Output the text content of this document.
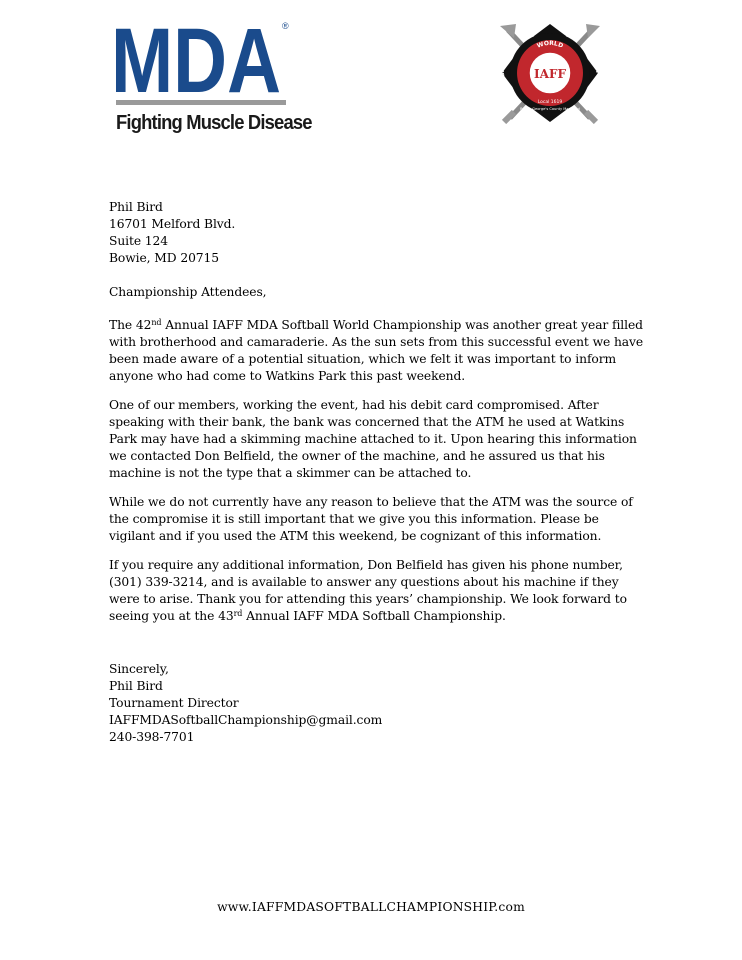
MDA ®
Fighting Muscle Disease
WORLD
SOFTBALL
CHAMPIONSHIP
IAFF
Local 1619
Prince George's County Maryland

Phil Bird

16701 Melford Blvd.

Suite 124

Bowie, MD 20715

Championship Attendees,

The 42nd Annual IAFF MDA Softball World Championship was another great year filled with brotherhood and camaraderie. As the sun sets from this successful event we have been made aware of a potential situation, which we felt it was important to inform anyone who had come to Watkins Park this past weekend.

One of our members, working the event, had his debit card compromised. After speaking with their bank, the bank was concerned that the ATM he used at Watkins Park may have had a skimming machine attached to it. Upon hearing this information we contacted Don Belfield, the owner of the machine, and he assured us that his machine is not the type that a skimmer can be attached to.

While we do not currently have any reason to believe that the ATM was the source of the compromise it is still important that we give you this information. Please be vigilant and if you used the ATM this weekend, be cognizant of this information.

If you require any additional information, Don Belfield has given his phone number, (301) 339-3214, and is available to answer any questions about his machine if they were to arise. Thank you for attending this years’ championship. We look forward to seeing you at the 43rd Annual IAFF MDA Softball Championship.

Sincerely,

Phil Bird

Tournament Director

IAFFMDASoftballChampionship@gmail.com

240-398-7701

www.IAFFMDASOFTBALLCHAMPIONSHIP.com
